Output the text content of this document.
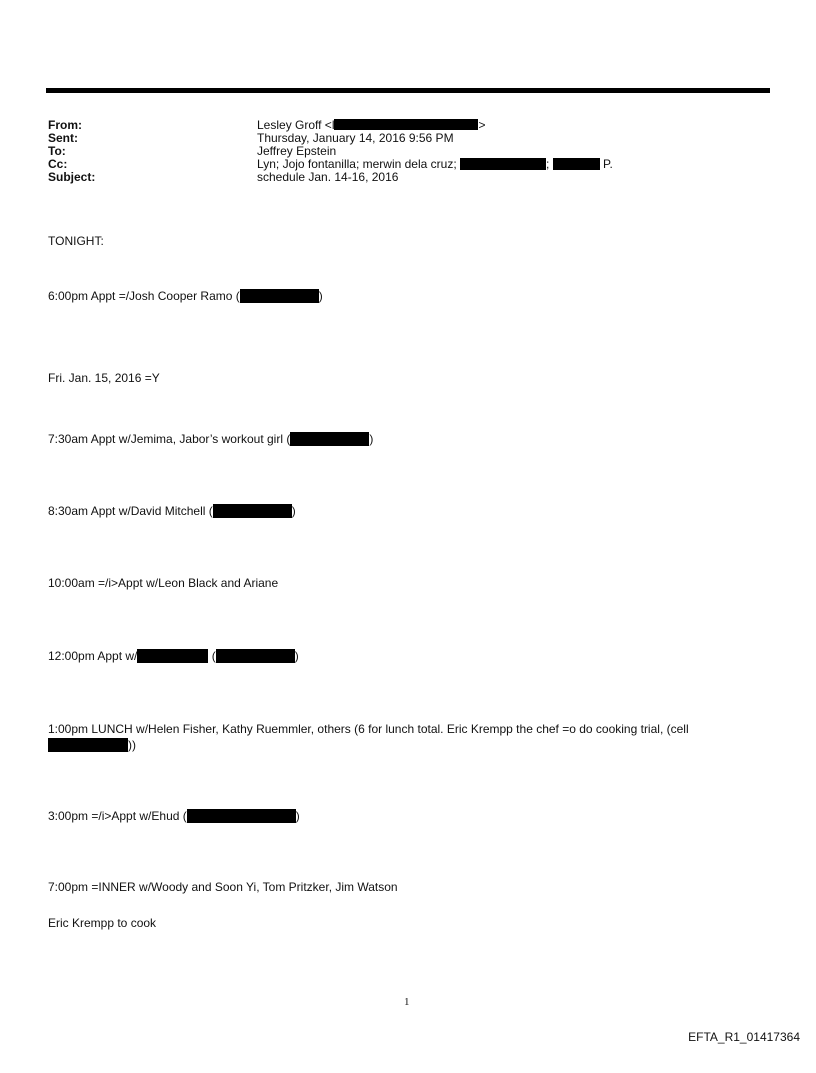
From:	Lesley Groff <l	>
Sent:	Thursday, January 14, 2016 9:56 PM
To:	Jeffrey Epstein
Cc:	Lyn; Jojo fontanilla; merwin dela cruz;	;	P.
Subject:	schedule Jan. 14-16, 2016
TONIGHT:
6:00pm Appt =/Josh Cooper Ramo (	)
Fri. Jan. 15, 2016 =Y
7:30am Appt w/Jemima, Jabor’s workout girl (	)
8:30am Appt w/David Mitchell (	)
10:00am =/i>Appt w/Leon Black and Ariane
12:00pm Appt w/	(	)
1:00pm LUNCH w/Helen Fisher, Kathy Ruemmler, others (6 for lunch total. Eric Krempp the chef =o do cooking trial, (cell
))
3:00pm =/i>Appt w/Ehud (	)
7:00pm =INNER w/Woody and Soon Yi, Tom Pritzker, Jim Watson
Eric Krempp to cook
1
EFTA_R1_01417364
